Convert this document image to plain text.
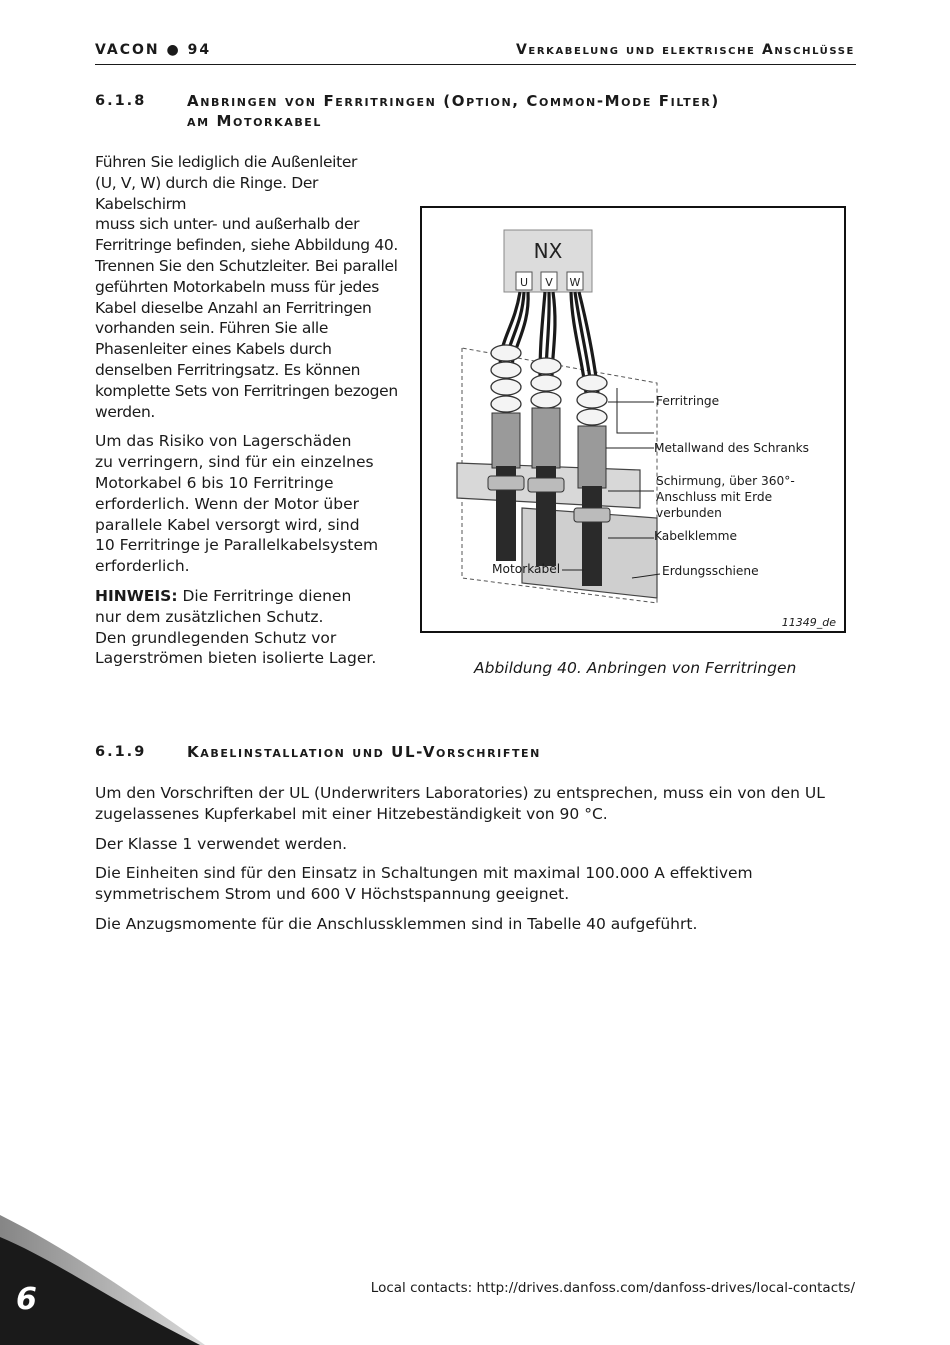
VACON ● 94	Verkabelung und elektrische Anschlüsse
6.1.8	Anbringen von Ferritringen (Option, Common-Mode Filter)
am Motorkabel

Führen Sie lediglich die Außenleiter
(U, V, W) durch die Ringe. Der Kabelschirm
muss sich unter- und außerhalb der
Ferritringe befinden, siehe Abbildung 40.
Trennen Sie den Schutzleiter. Bei parallel
geführten Motorkabeln muss für jedes
Kabel dieselbe Anzahl an Ferritringen
vorhanden sein. Führen Sie alle
Phasenleiter eines Kabels durch
denselben Ferritringsatz. Es können
komplette Sets von Ferritringen bezogen
werden.

Um das Risiko von Lagerschäden
zu verringern, sind für ein einzelnes
Motorkabel 6 bis 10 Ferritringe
erforderlich. Wenn der Motor über
parallele Kabel versorgt wird, sind
10 Ferritringe je Parallelkabelsystem
erforderlich.

HINWEIS: Die Ferritringe dienen
nur dem zusätzlichen Schutz.
Den grundlegenden Schutz vor
Lagerströmen bieten isolierte Lager.

NX
U V W
Ferritringe
Metallwand des Schranks
Schirmung, über 360°-
Anschluss mit Erde
verbunden
Kabelklemme
Motorkabel	Erdungsschiene
11349_de
Abbildung 40. Anbringen von Ferritringen
6.1.9	Kabelinstallation und UL-Vorschriften

Um den Vorschriften der UL (Underwriters Laboratories) zu entsprechen, muss ein von den UL zugelassenes Kupferkabel mit einer Hitzebeständigkeit von 90 °C.

Der Klasse 1 verwendet werden.

Die Einheiten sind für den Einsatz in Schaltungen mit maximal 100.000 A effektivem symmetrischem Strom und 600 V Höchstspannung geeignet.

Die Anzugsmomente für die Anschlussklemmen sind in Tabelle 40 aufgeführt.

Local contacts: http://drives.danfoss.com/danfoss-drives/local-contacts/
6
